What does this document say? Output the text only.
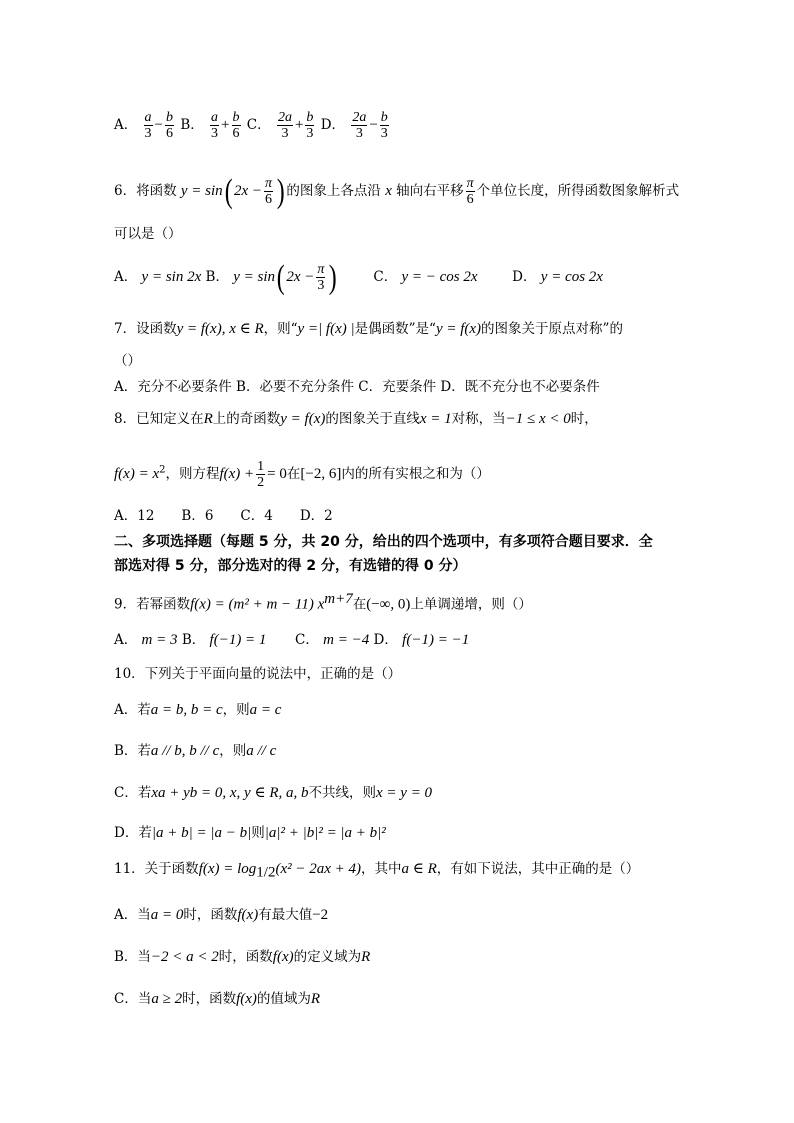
A． $\frac{a}{3} - \frac{b}{6}$ B． $\frac{a}{3} + \frac{b}{6}$ C． $\frac{2a}{3} + \frac{b}{3}$ D． $\frac{2a}{3} - \frac{b}{3}$
6．将函数 y = sin( $2x - \frac{\pi}{6}$ ) 的图象上各点沿 x 轴向右平移 $\frac{\pi}{6}$ 个单位长度，所得函数图象解析式
可以是（）
A． y = sin 2x B． y = sin( $2x - \frac{\pi}{3}$ )	C． y = − cos 2x	D． y = cos 2x
7．设函数y = f(x), x ∈ R，则“y =| f(x) |是偶函数”是“y = f(x)的图象关于原点对称”的
（）
A．充分不必要条件 B．必要不充分条件 C．充要条件 D．既不充分也不必要条件
8．已知定义在R上的奇函数y = f(x)的图象关于直线x = 1对称，当−1 ≤ x < 0时，
$f(x) = x^2$，则方程$f(x) + \frac{1}{2} = 0$在[−2, 6]内的所有实根之和为（）
A．12　　B．6　　C．4　　D．2
二、多项选择题（每题 5 分，共 20 分，给出的四个选项中，有多项符合题目要求．全
部选对得 5 分，部分选对的得 2 分，有选错的得 0 分）
9．若幂函数f(x) = (m² + m − 11) $x^{m+7}$在(−∞, 0)上单调递增，则（）
A． m = 3 B． f(−1) = 1 C． m = −4 D． f(−1) = −1
10．下列关于平面向量的说法中，正确的是（）
A．若a = b, b = c，则a = c
B．若a // b, b // c，则a // c
C．若xa + yb = 0, x, y ∈ R, a, b不共线，则x = y = 0
D．若|a + b| = |a − b|则|a|² + |b|² = |a + b|²
11．关于函数$f(x) = \log_{1/2}(x^2 - 2ax + 4)$，其中a ∈ R，有如下说法，其中正确的是（）
A．当a = 0时，函数f(x)有最大值−2
B．当−2 < a < 2时，函数f(x)的定义域为R
C．当a ≥ 2时，函数f(x)的值域为R
